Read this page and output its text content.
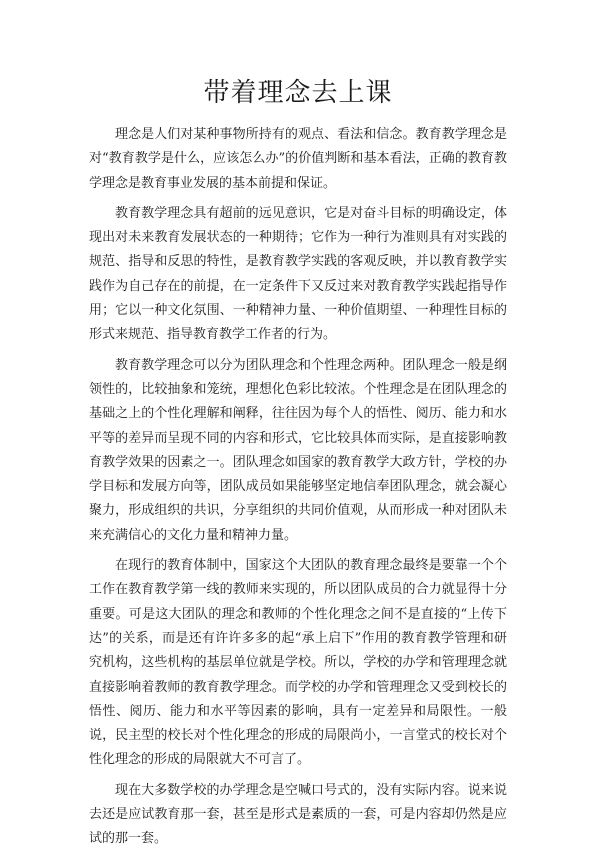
带着理念去上课

理念是人们对某种事物所持有的观点、看法和信念。教育教学理念是对“教育教学是什么，应该怎么办”的价值判断和基本看法，正确的教育教学理念是教育事业发展的基本前提和保证。

教育教学理念具有超前的远见意识，它是对奋斗目标的明确设定，体现出对未来教育发展状态的一种期待；它作为一种行为准则具有对实践的规范、指导和反思的特性，是教育教学实践的客观反映，并以教育教学实践作为自己存在的前提，在一定条件下又反过来对教育教学实践起指导作用；它以一种文化氛围、一种精神力量、一种价值期望、一种理性目标的形式来规范、指导教育教学工作者的行为。

教育教学理念可以分为团队理念和个性理念两种。团队理念一般是纲领性的，比较抽象和笼统，理想化色彩比较浓。个性理念是在团队理念的基础之上的个性化理解和阐释，往往因为每个人的悟性、阅历、能力和水平等的差异而呈现不同的内容和形式，它比较具体而实际，是直接影响教育教学效果的因素之一。团队理念如国家的教育教学大政方针，学校的办学目标和发展方向等，团队成员如果能够坚定地信奉团队理念，就会凝心聚力，形成组织的共识，分享组织的共同价值观，从而形成一种对团队未来充满信心的文化力量和精神力量。

在现行的教育体制中，国家这个大团队的教育理念最终是要靠一个个工作在教育教学第一线的教师来实现的，所以团队成员的合力就显得十分重要。可是这大团队的理念和教师的个性化理念之间不是直接的“上传下达”的关系，而是还有许许多多的起“承上启下”作用的教育教学管理和研究机构，这些机构的基层单位就是学校。所以，学校的办学和管理理念就直接影响着教师的教育教学理念。而学校的办学和管理理念又受到校长的悟性、阅历、能力和水平等因素的影响，具有一定差异和局限性。一般说，民主型的校长对个性化理念的形成的局限尚小，一言堂式的校长对个性化理念的形成的局限就大不可言了。

现在大多数学校的办学理念是空喊口号式的，没有实际内容。说来说去还是应试教育那一套，甚至是形式是素质的一套，可是内容却仍然是应试的那一套。
